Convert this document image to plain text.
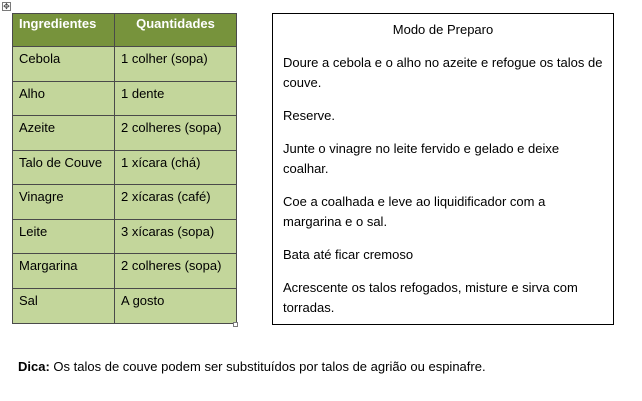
✥
Ingredientes	Quantidades
Cebola	1 colher (sopa)
Alho	1 dente
Azeite	2 colheres (sopa)
Talo de Couve	1 xícara (chá)
Vinagre	2 xícaras (café)
Leite	3 xícaras (sopa)
Margarina	2 colheres (sopa)
Sal	A gosto
Modo de Preparo

Doure a cebola e o alho no azeite e refogue os talos de couve.

Reserve.

Junte o vinagre no leite fervido e gelado e deixe coalhar.

Coe a coalhada e leve ao liquidificador com a margarina e o sal.

Bata até ficar cremoso

Acrescente os talos refogados, misture e sirva com torradas.

Dica: Os talos de couve podem ser substituídos por talos de agrião ou espinafre.
